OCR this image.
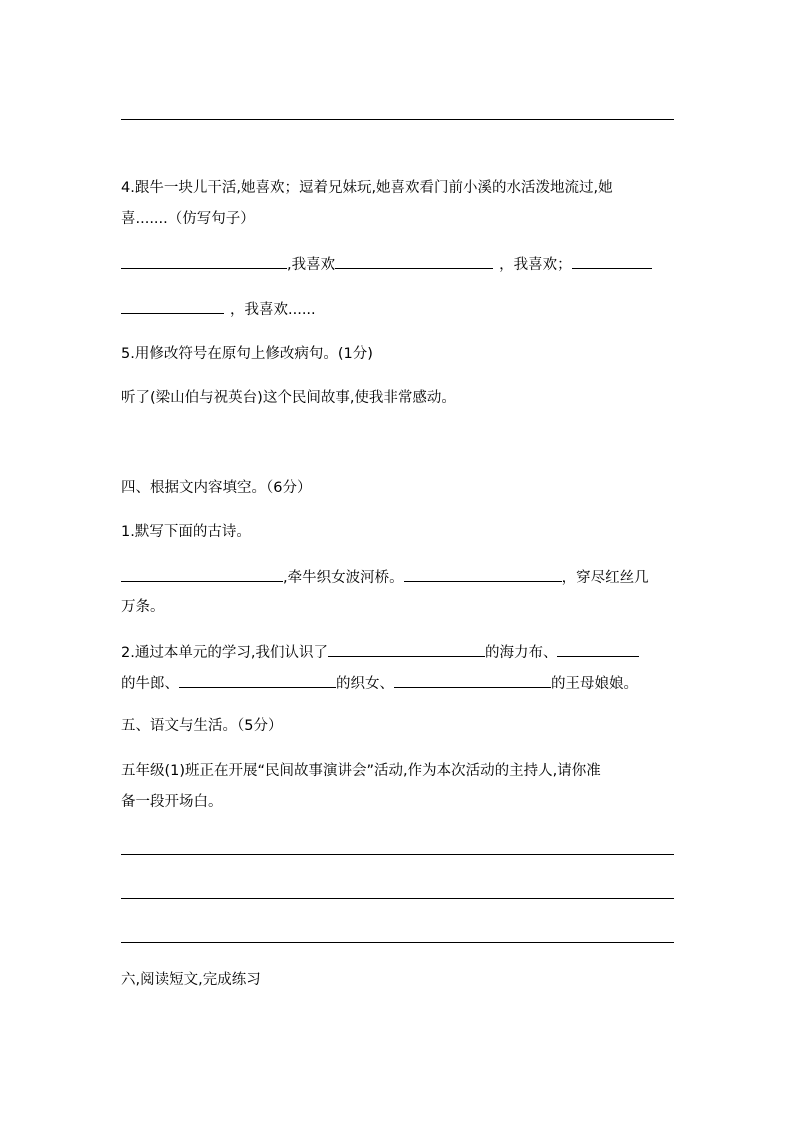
4.跟牛一块儿干活,她喜欢；逗着兄妹玩,她喜欢看门前小溪的水活泼地流过,她
喜.......（仿写句子）
,我喜欢	，我喜欢；
，我喜欢......
5.用修改符号在原句上修改病句。(1分)
听了(梁山伯与祝英台)这个民间故事,使我非常感动。
四、根据文内容填空。（6分）
1.默写下面的古诗。
,牵牛织女波河桥。	，穿尽红丝几
万条。
2.通过本单元的学习,我们认识了	的海力布、
的牛郎、	的织女、	的王母娘娘。
五、语文与生活。（5分）
五年级(1)班正在开展“民间故事演讲会”活动,作为本次活动的主持人,请你准
备一段开场白。
六,阅读短文,完成练习
